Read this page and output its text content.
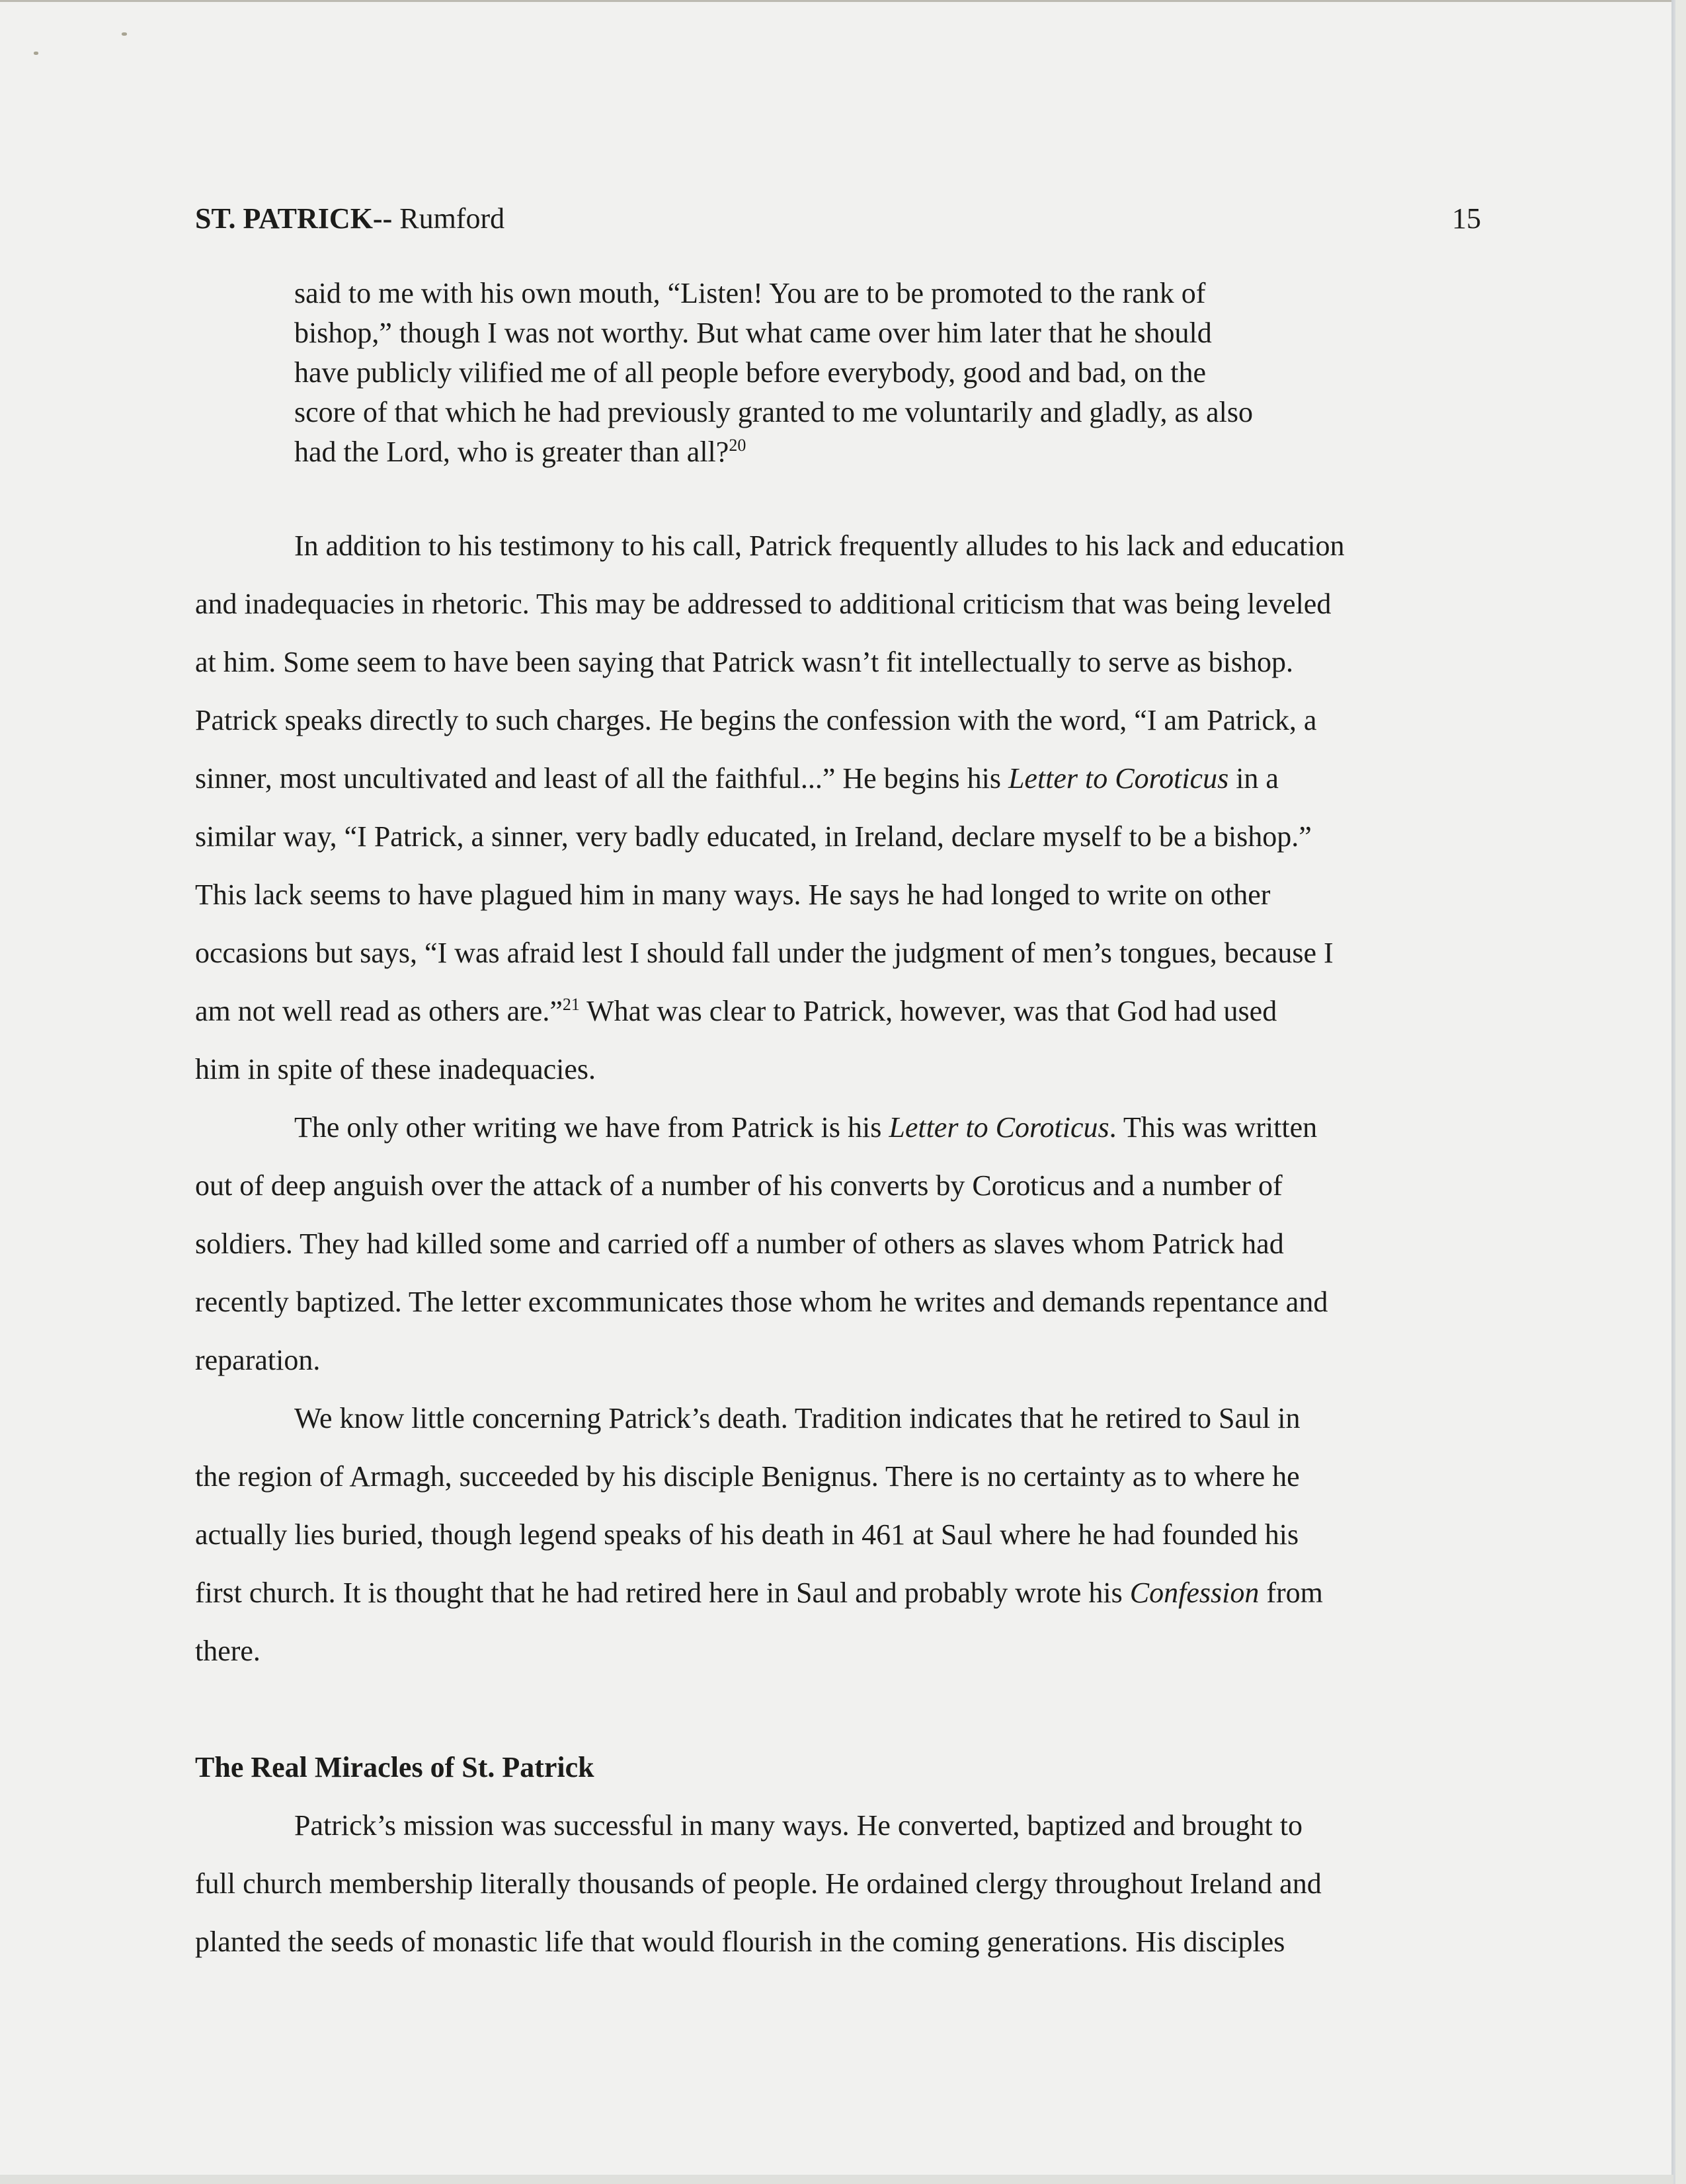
ST. PATRICK-- Rumford	15
said to me with his own mouth, “Listen! You are to be promoted to the rank of
bishop,” though I was not worthy. But what came over him later that he should
have publicly vilified me of all people before everybody, good and bad, on the
score of that which he had previously granted to me voluntarily and gladly, as also
had the Lord, who is greater than all?$^{20}$
In addition to his testimony to his call, Patrick frequently alludes to his lack and education
and inadequacies in rhetoric. This may be addressed to additional criticism that was being leveled
at him. Some seem to have been saying that Patrick wasn’t fit intellectually to serve as bishop.
Patrick speaks directly to such charges. He begins the confession with the word, “I am Patrick, a
sinner, most uncultivated and least of all the faithful...” He begins his Letter to Coroticus in a
similar way, “I Patrick, a sinner, very badly educated, in Ireland, declare myself to be a bishop.”
This lack seems to have plagued him in many ways. He says he had longed to write on other
occasions but says, “I was afraid lest I should fall under the judgment of men’s tongues, because I
am not well read as others are.”$^{21}$ What was clear to Patrick, however, was that God had used
him in spite of these inadequacies.
The only other writing we have from Patrick is his Letter to Coroticus. This was written
out of deep anguish over the attack of a number of his converts by Coroticus and a number of
soldiers. They had killed some and carried off a number of others as slaves whom Patrick had
recently baptized. The letter excommunicates those whom he writes and demands repentance and
reparation.
We know little concerning Patrick’s death. Tradition indicates that he retired to Saul in
the region of Armagh, succeeded by his disciple Benignus. There is no certainty as to where he
actually lies buried, though legend speaks of his death in 461 at Saul where he had founded his
first church. It is thought that he had retired here in Saul and probably wrote his Confession from
there.
The Real Miracles of St. Patrick
Patrick’s mission was successful in many ways. He converted, baptized and brought to
full church membership literally thousands of people. He ordained clergy throughout Ireland and
planted the seeds of monastic life that would flourish in the coming generations. His disciples
